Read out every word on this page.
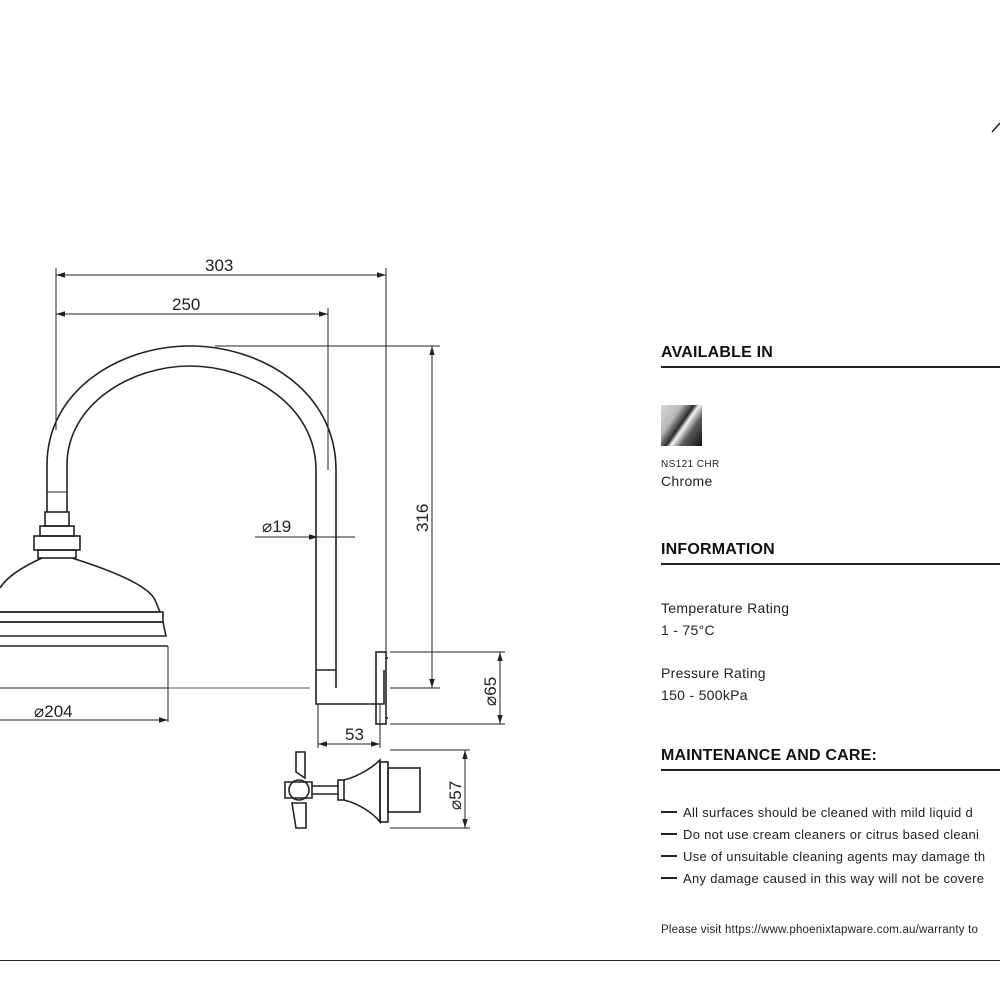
303
250
⌀19	316
⌀65
⌀204
53
⌀57
AVAILABLE IN
NS121 CHR
Chrome
INFORMATION
Temperature Rating
1 - 75°C
Pressure Rating
150 - 500kPa
MAINTENANCE AND CARE:
All surfaces should be cleaned with mild liquid d
Do not use cream cleaners or citrus based cleani
Use of unsuitable cleaning agents may damage th
Any damage caused in this way will not be covere
Please visit https://www.phoenixtapware.com.au/warranty to
